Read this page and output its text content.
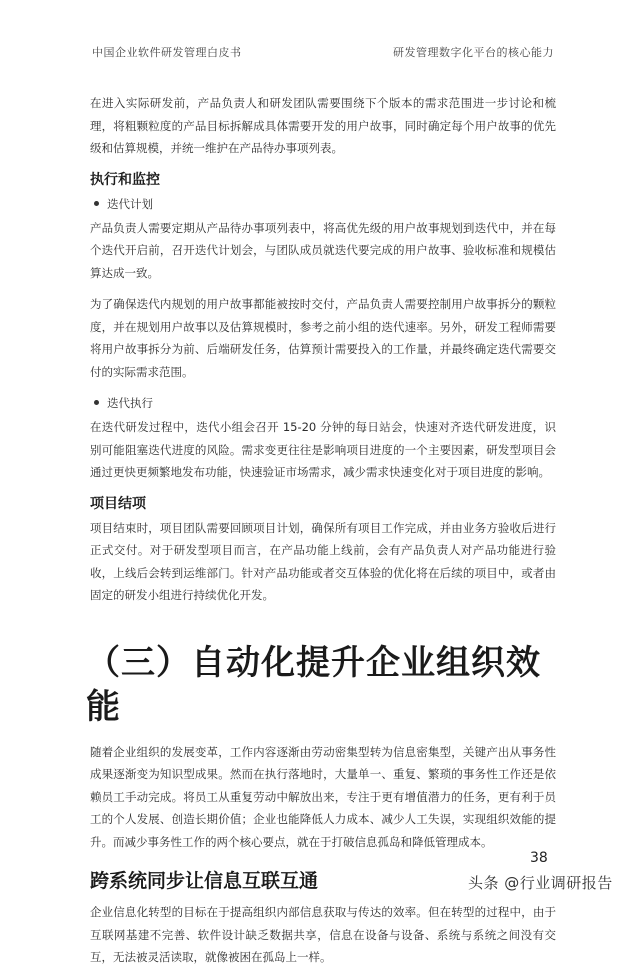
中国企业软件研发管理白皮书	研发管理数字化平台的核心能力

在进入实际研发前，产品负责人和研发团队需要围绕下个版本的需求范围进一步讨论和梳理，将粗颗粒度的产品目标拆解成具体需要开发的用户故事，同时确定每个用户故事的优先级和估算规模，并统一维护在产品待办事项列表。

执行和监控
迭代计划

产品负责人需要定期从产品待办事项列表中，将高优先级的用户故事规划到迭代中，并在每个迭代开启前，召开迭代计划会，与团队成员就迭代要完成的用户故事、验收标准和规模估算达成一致。

为了确保迭代内规划的用户故事都能被按时交付，产品负责人需要控制用户故事拆分的颗粒度，并在规划用户故事以及估算规模时，参考之前小组的迭代速率。另外，研发工程师需要将用户故事拆分为前、后端研发任务，估算预计需要投入的工作量，并最终确定迭代需要交付的实际需求范围。

迭代执行

在迭代研发过程中，迭代小组会召开 15-20 分钟的每日站会，快速对齐迭代研发进度，识别可能阻塞迭代进度的风险。需求变更往往是影响项目进度的一个主要因素，研发型项目会通过更快更频繁地发布功能，快速验证市场需求，减少需求快速变化对于项目进度的影响。

项目结项

项目结束时，项目团队需要回顾项目计划，确保所有项目工作完成，并由业务方验收后进行正式交付。对于研发型项目而言，在产品功能上线前，会有产品负责人对产品功能进行验收，上线后会转到运维部门。针对产品功能或者交互体验的优化将在后续的项目中，或者由固定的研发小组进行持续优化开发。

（三）自动化提升企业组织效能

随着企业组织的发展变革，工作内容逐渐由劳动密集型转为信息密集型，关键产出从事务性成果逐渐变为知识型成果。然而在执行落地时，大量单一、重复、繁琐的事务性工作还是依赖员工手动完成。将员工从重复劳动中解放出来，专注于更有增值潜力的任务，更有利于员工的个人发展、创造长期价值；企业也能降低人力成本、减少人工失误，实现组织效能的提升。而减少事务性工作的两个核心要点，就在于打破信息孤岛和降低管理成本。

跨系统同步让信息互联互通

企业信息化转型的目标在于提高组织内部信息获取与传达的效率。但在转型的过程中，由于互联网基建不完善、软件设计缺乏数据共享，信息在设备与设备、系统与系统之间没有交互，无法被灵活读取，就像被困在孤岛上一样。

38
头条 @行业调研报告
